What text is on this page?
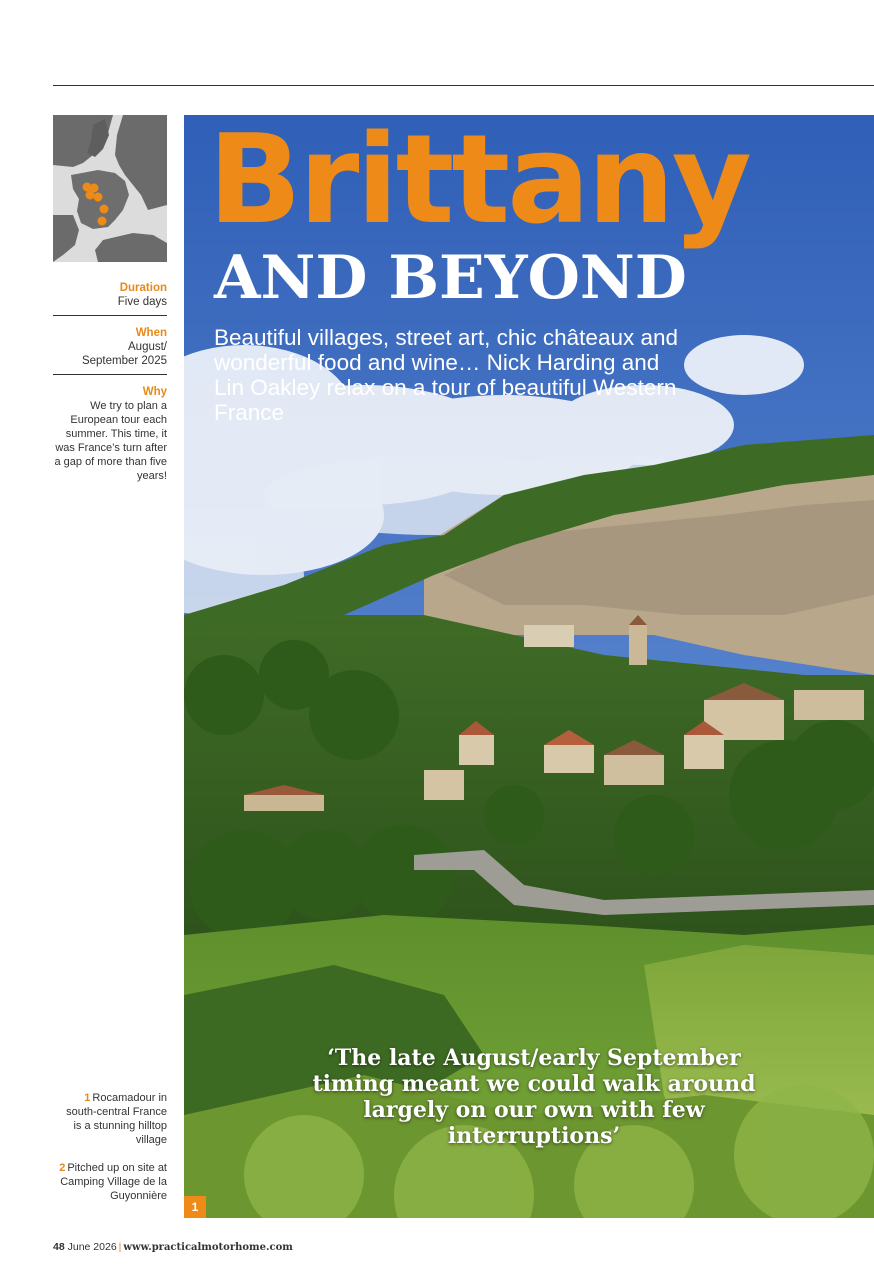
Duration
Five days
When
August/ September 2025
Why
We try to plan a European tour each summer. This time, it was France’s turn after a gap of more than five years!
1 Rocamadour in south-central France is a stunning hilltop village
2 Pitched up on site at Camping Village de la Guyonnière
Brittany
AND BEYOND
Beautiful villages, street art, chic châteaux and wonderful food and wine… Nick Harding and Lin Oakley relax on a tour of beautiful Western France
‘The late August/early September timing meant we could walk around largely on our own with few interruptions’
1
48 June 2026 | www.practicalmotorhome.com
